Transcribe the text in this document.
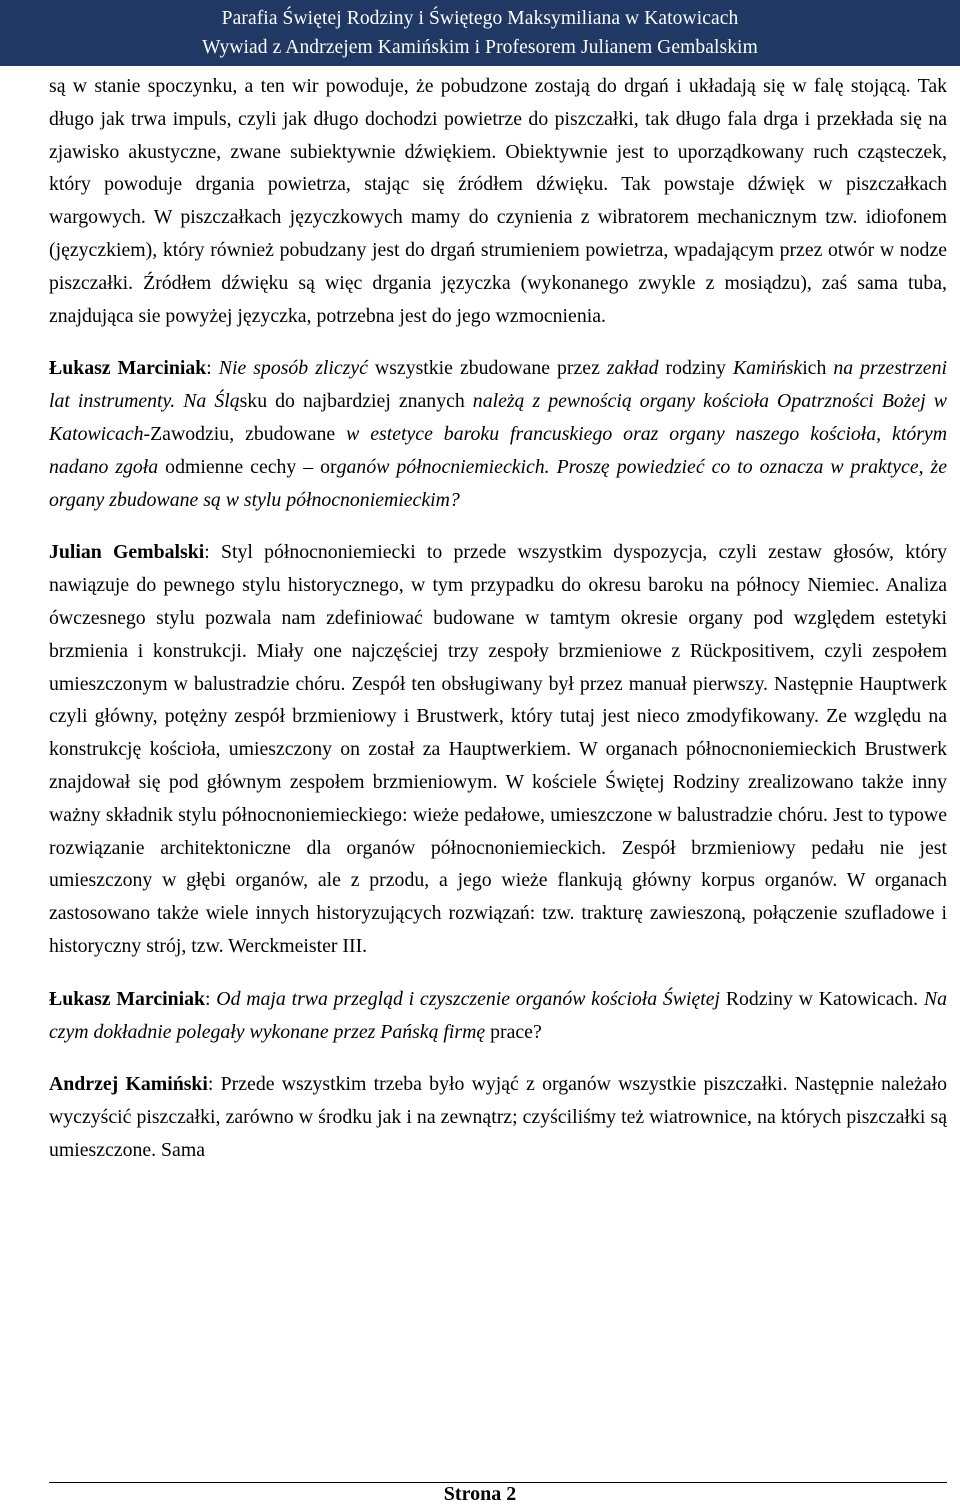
Parafia Świętej Rodziny i Świętego Maksymiliana w Katowicach
Wywiad z Andrzejem Kamińskim i Profesorem Julianem Gembalskim

są w stanie spoczynku, a ten wir powoduje, że pobudzone zostają do drgań i układają się w falę stojącą. Tak długo jak trwa impuls, czyli jak długo dochodzi powietrze do piszczałki, tak długo fala drga i przekłada się na zjawisko akustyczne, zwane subiektywnie dźwiękiem. Obiektywnie jest to uporządkowany ruch cząsteczek, który powoduje drgania powietrza, stając się źródłem dźwięku. Tak powstaje dźwięk w piszczałkach wargowych. W piszczałkach języczkowych mamy do czynienia z wibratorem mechanicznym tzw. idiofonem (języczkiem), który również pobudzany jest do drgań strumieniem powietrza, wpadającym przez otwór w nodze piszczałki. Źródłem dźwięku są więc drgania języczka (wykonanego zwykle z mosiądzu), zaś sama tuba, znajdująca sie powyżej języczka, potrzebna jest do jego wzmocnienia.

Łukasz Marciniak: Nie sposób zliczyć wszystkie zbudowane przez zakład rodziny Kamińskich na przestrzeni lat instrumenty. Na Śląsku do najbardziej znanych należą z pewnością organy kościoła Opatrzności Bożej w Katowicach-Zawodziu, zbudowane w estetyce baroku francuskiego oraz organy naszego kościoła, którym nadano zgoła odmienne cechy – organów północniemieckich. Proszę powiedzieć co to oznacza w praktyce, że organy zbudowane są w stylu północnoniemieckim?

Julian Gembalski: Styl północnoniemiecki to przede wszystkim dyspozycja, czyli zestaw głosów, który nawiązuje do pewnego stylu historycznego, w tym przypadku do okresu baroku na północy Niemiec. Analiza ówczesnego stylu pozwala nam zdefiniować budowane w tamtym okresie organy pod względem estetyki brzmienia i konstrukcji. Miały one najczęściej trzy zespoły brzmieniowe z Rückpositivem, czyli zespołem umieszczonym w balustradzie chóru. Zespół ten obsługiwany był przez manuał pierwszy. Następnie Hauptwerk czyli główny, potężny zespół brzmieniowy i Brustwerk, który tutaj jest nieco zmodyfikowany. Ze względu na konstrukcję kościoła, umieszczony on został za Hauptwerkiem. W organach północnoniemieckich Brustwerk znajdował się pod głównym zespołem brzmieniowym. W kościele Świętej Rodziny zrealizowano także inny ważny składnik stylu północnoniemieckiego: wieże pedałowe, umieszczone w balustradzie chóru. Jest to typowe rozwiązanie architektoniczne dla organów północnoniemieckich. Zespół brzmieniowy pedału nie jest umieszczony w głębi organów, ale z przodu, a jego wieże flankują główny korpus organów. W organach zastosowano także wiele innych historyzujących rozwiązań: tzw. trakturę zawieszoną, połączenie szufladowe i historyczny strój, tzw. Werckmeister III.

Łukasz Marciniak: Od maja trwa przegląd i czyszczenie organów kościoła Świętej Rodziny w Katowicach. Na czym dokładnie polegały wykonane przez Pańską firmę prace?

Andrzej Kamiński: Przede wszystkim trzeba było wyjąć z organów wszystkie piszczałki. Następnie należało wyczyścić piszczałki, zarówno w środku jak i na zewnątrz; czyściliśmy też wiatrownice, na których piszczałki są umieszczone. Sama

Strona 2
